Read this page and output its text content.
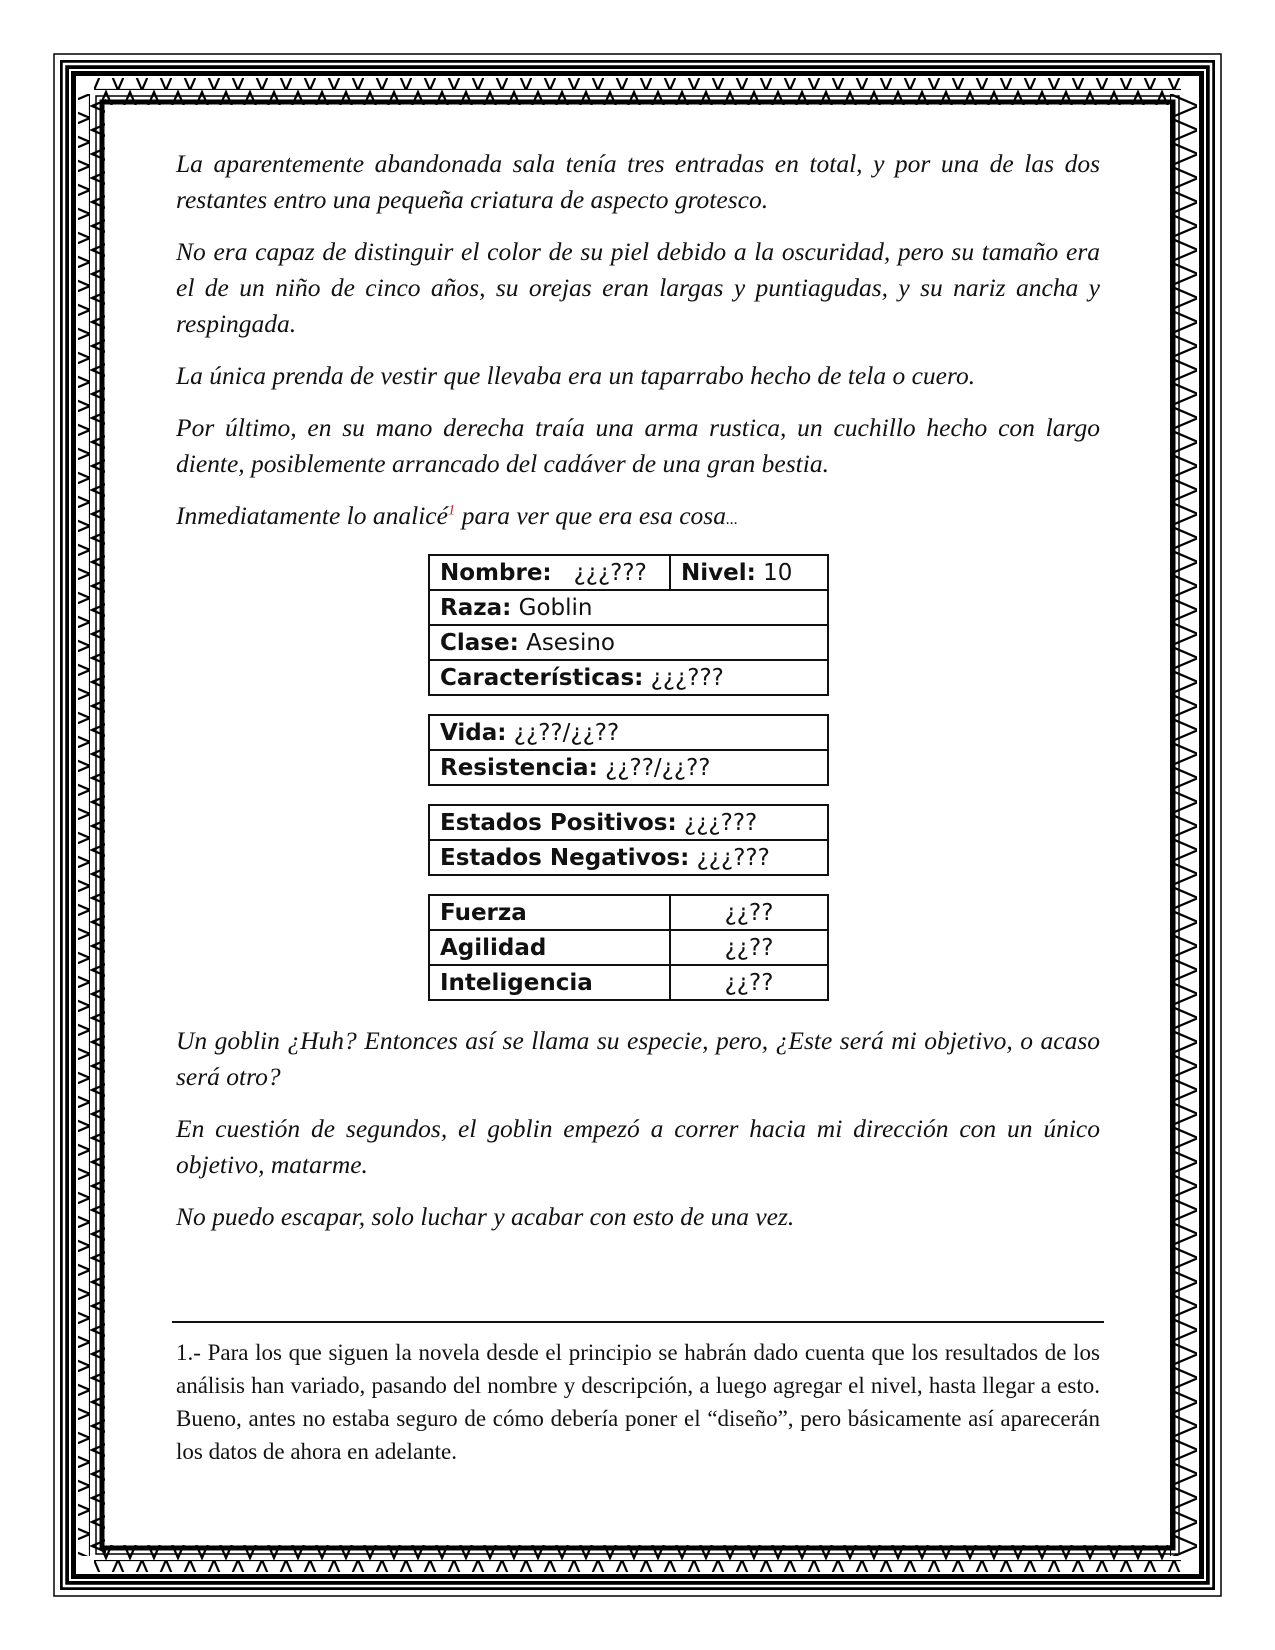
La aparentemente abandonada sala tenía tres entradas en total, y por una de las dos restantes entro una pequeña criatura de aspecto grotesco.

No era capaz de distinguir el color de su piel debido a la oscuridad, pero su tamaño era el de un niño de cinco años, su orejas eran largas y puntiagudas, y su nariz ancha y respingada.

La única prenda de vestir que llevaba era un taparrabo hecho de tela o cuero.

Por último, en su mano derecha traía una arma rustica, un cuchillo hecho con largo diente, posiblemente arrancado del cadáver de una gran bestia.

Inmediatamente lo analicé$^1$ para ver que era esa cosa...

Nombre: ¿¿¿???	Nivel: 10
Raza: Goblin
Clase: Asesino
Características: ¿¿¿???
Vida: ¿¿??/¿¿??
Resistencia: ¿¿??/¿¿??
Estados Positivos: ¿¿¿???
Estados Negativos: ¿¿¿???
Fuerza	¿¿??
Agilidad	¿¿??
Inteligencia	¿¿??

Un goblin ¿Huh? Entonces así se llama su especie, pero, ¿Este será mi objetivo, o acaso será otro?

En cuestión de segundos, el goblin empezó a correr hacia mi dirección con un único objetivo, matarme.

No puedo escapar, solo luchar y acabar con esto de una vez.

1.- Para los que siguen la novela desde el principio se habrán dado cuenta que los resultados de los análisis han variado, pasando del nombre y descripción, a luego agregar el nivel, hasta llegar a esto. Bueno, antes no estaba seguro de cómo debería poner el “diseño”, pero básicamente así aparecerán los datos de ahora en adelante.
